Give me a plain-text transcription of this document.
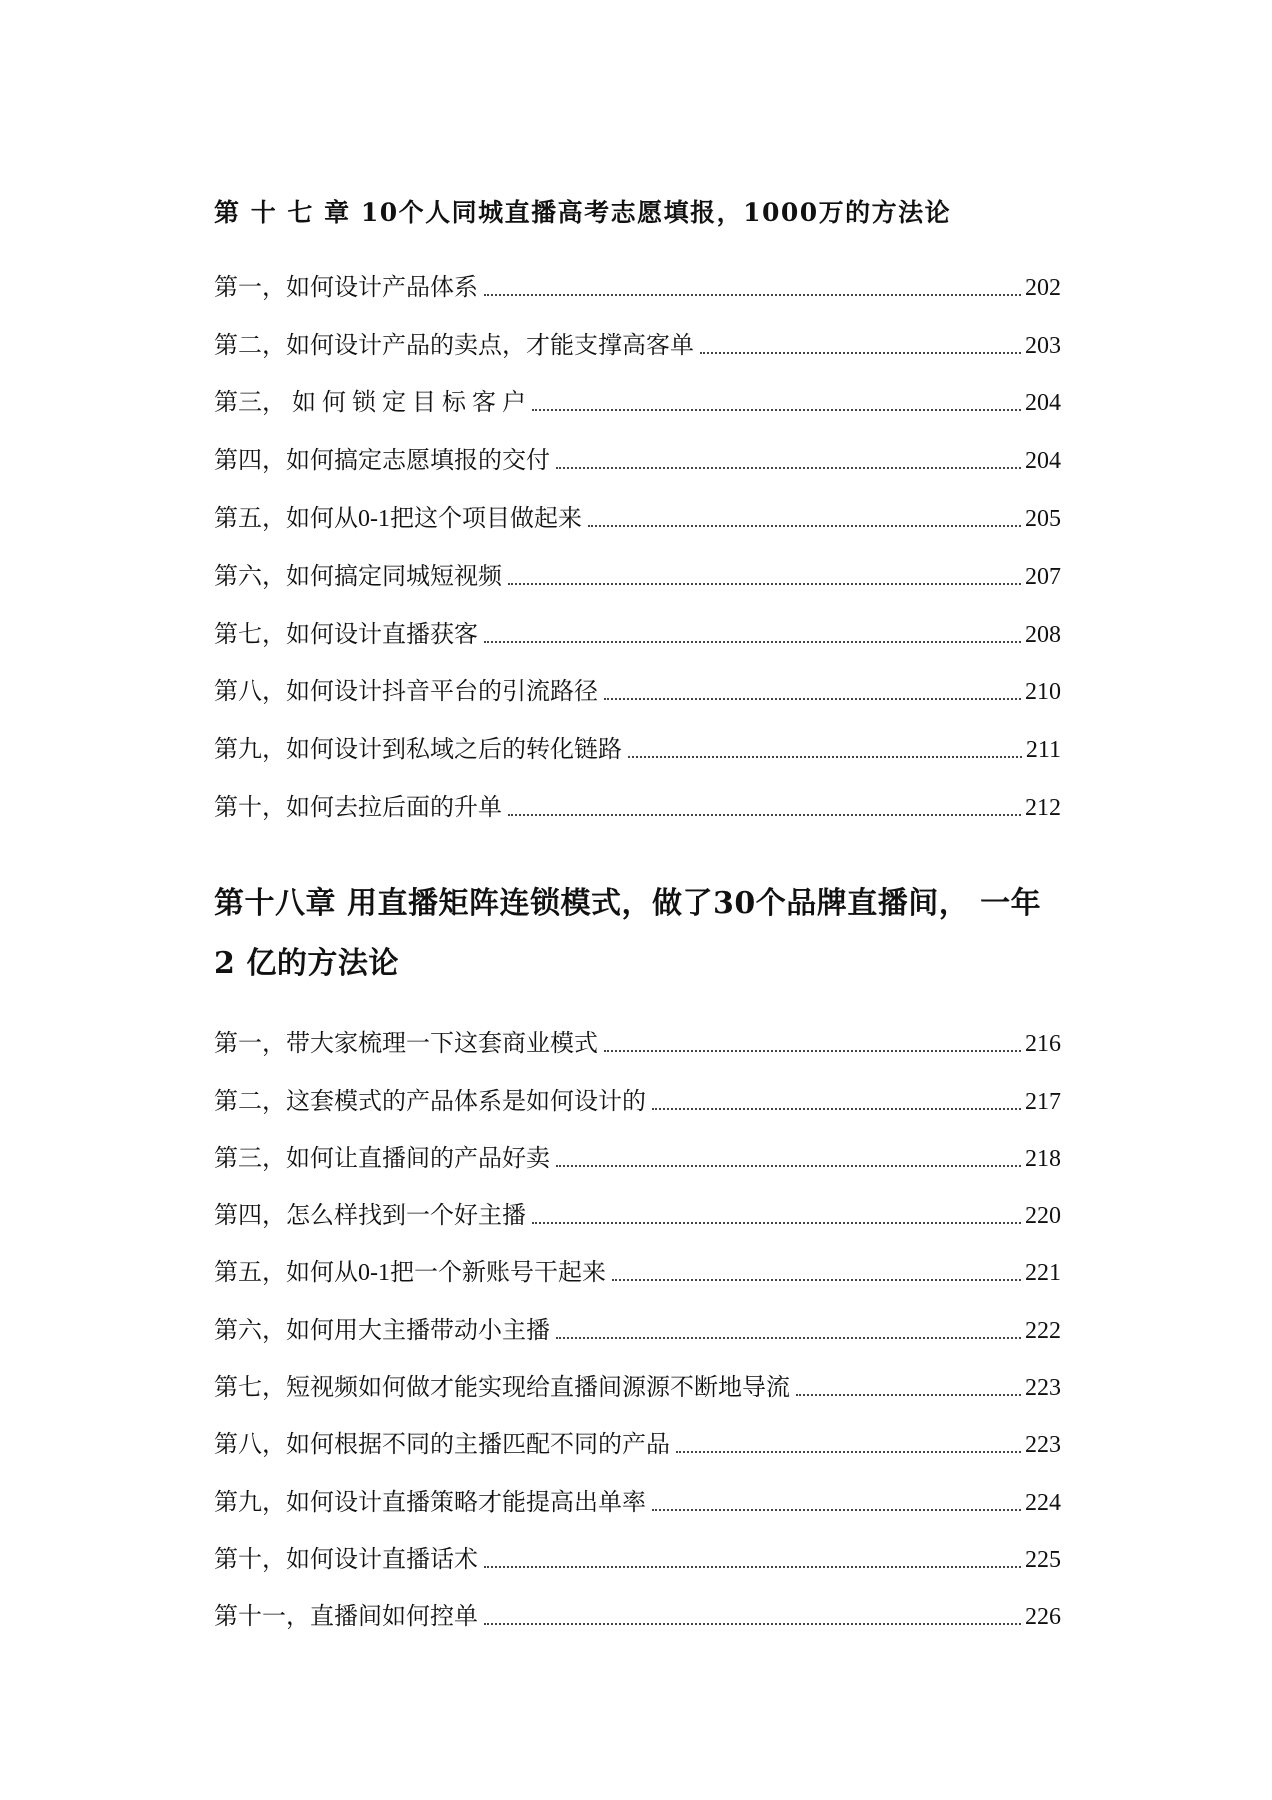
第 十 七 章 10个人同城直播高考志愿填报，1000万的方法论
第一，如何设计产品体系	202
第二，如何设计产品的卖点，才能支撑高客单	203
第三， 如 何 锁 定 目 标 客 户	204
第四，如何搞定志愿填报的交付	204
第五，如何从0-1把这个项目做起来	205
第六，如何搞定同城短视频	207
第七，如何设计直播获客	208
第八，如何设计抖音平台的引流路径	210
第九，如何设计到私域之后的转化链路	211
第十，如何去拉后面的升单	212
第十八章 用直播矩阵连锁模式，做了30个品牌直播间， 一年
2 亿的方法论
第一，带大家梳理一下这套商业模式	216
第二，这套模式的产品体系是如何设计的	217
第三，如何让直播间的产品好卖	218
第四，怎么样找到一个好主播	220
第五，如何从0-1把一个新账号干起来	221
第六，如何用大主播带动小主播	222
第七，短视频如何做才能实现给直播间源源不断地导流	223
第八，如何根据不同的主播匹配不同的产品	223
第九，如何设计直播策略才能提高出单率	224
第十，如何设计直播话术	225
第十一，直播间如何控单	226
